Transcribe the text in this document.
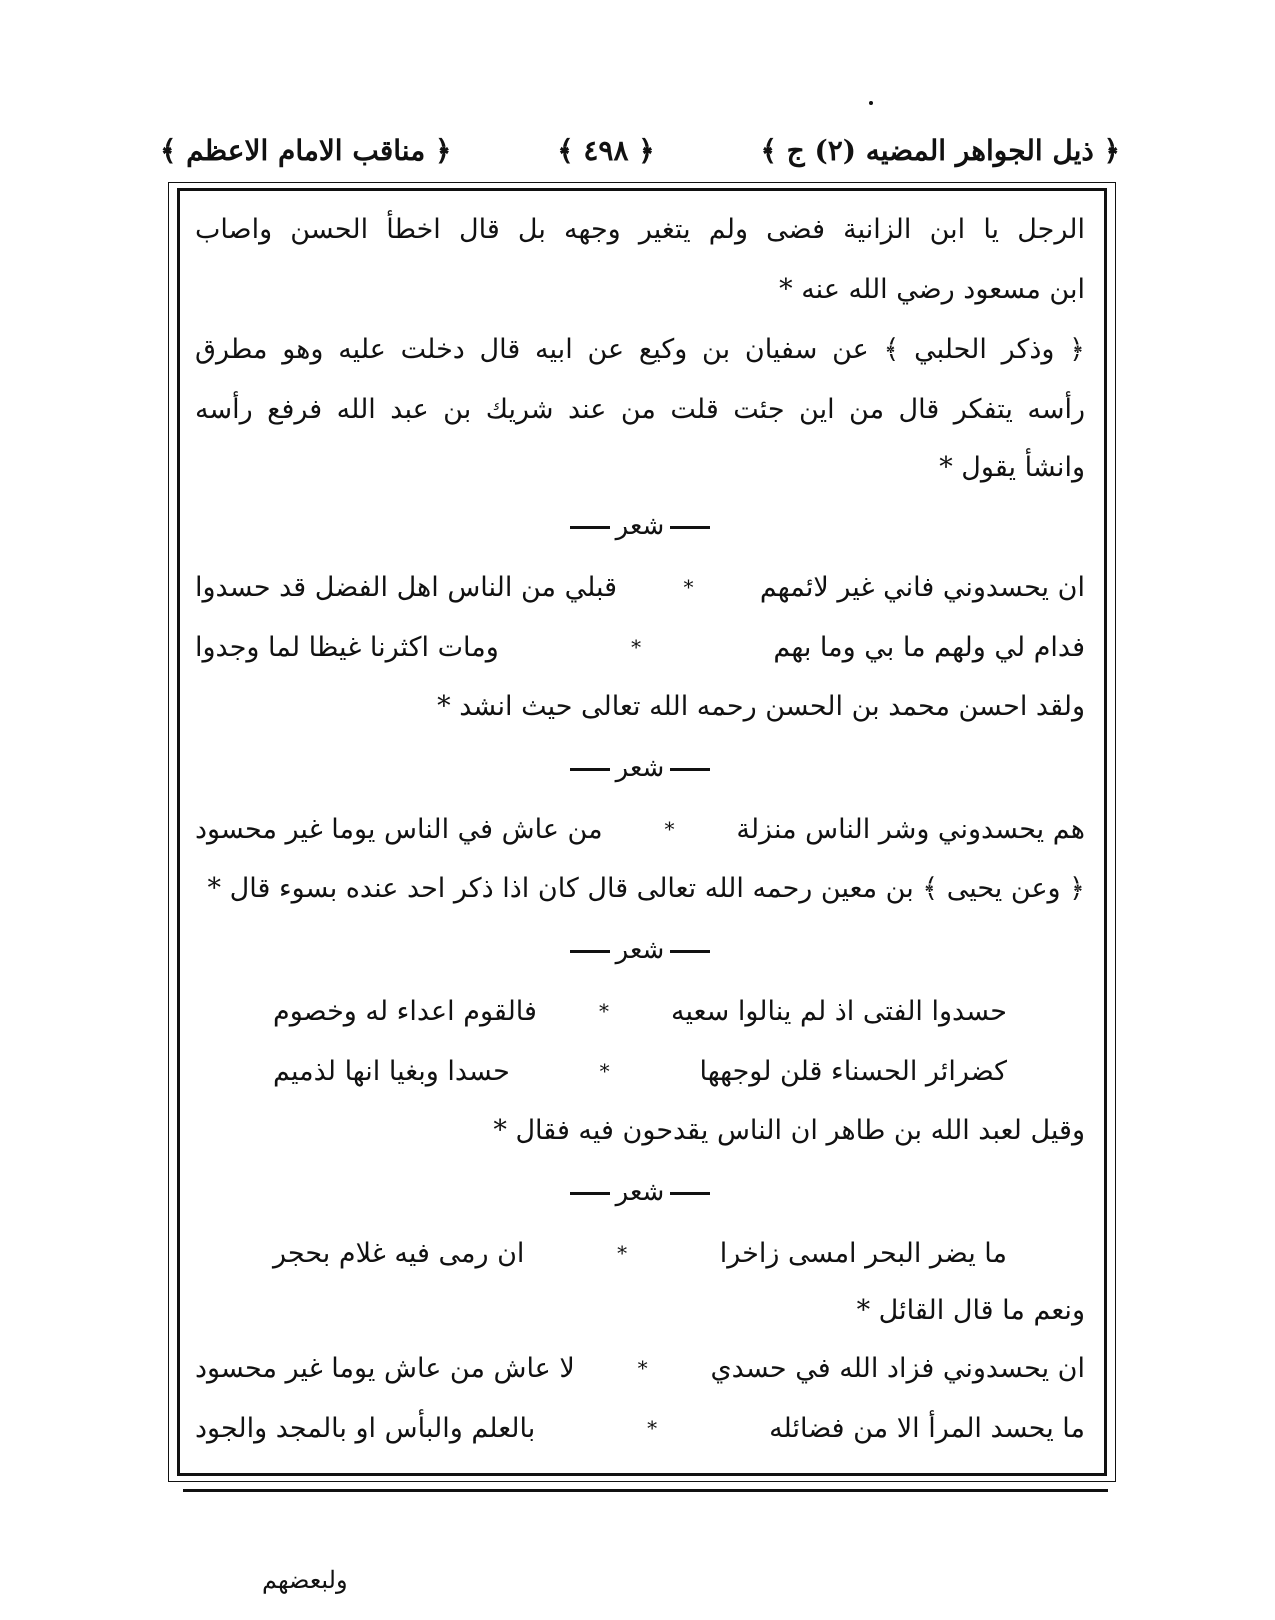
﴿ ذيل الجواهر المضيه (٢) ج ﴾
﴿ ٤٩٨ ﴾
﴿ مناقب الامام الاعظم ﴾
الرجل يا ابن الزانية فضى ولم يتغير وجهه بل قال اخطأ الحسن واصاب
ابن مسعود رضي الله عنه *
﴿ وذكر الحلبي ﴾ عن سفيان بن وكيع عن ابيه قال دخلت عليه وهو مطرق
رأسه يتفكر قال من اين جئت قلت من عند شريك بن عبد الله فرفع رأسه
وانشأ يقول *
شعر
ان يحسدوني فاني غير لائمهم
*
قبلي من الناس اهل الفضل قد حسدوا
فدام لي ولهم ما بي وما بهم
*
ومات اكثرنا غيظا لما وجدوا
ولقد احسن محمد بن الحسن رحمه الله تعالى حيث انشد *
شعر
هم يحسدوني وشر الناس منزلة
*
من عاش في الناس يوما غير محسود
﴿ وعن يحيى ﴾ بن معين رحمه الله تعالى قال كان اذا ذكر احد عنده بسوء قال *
شعر
حسدوا الفتى اذ لم ينالوا سعيه
*
فالقوم اعداء له وخصوم
كضرائر الحسناء قلن لوجهها
*
حسدا وبغيا انها لذميم
وقيل لعبد الله بن طاهر ان الناس يقدحون فيه فقال *
شعر
ما يضر البحر امسى زاخرا
*
ان رمى فيه غلام بحجر
ونعم ما قال القائل *
ان يحسدوني فزاد الله في حسدي
*
لا عاش من عاش يوما غير محسود
ما يحسد المرأ الا من فضائله
*
بالعلم والبأس او بالمجد والجود
ولبعضهم
